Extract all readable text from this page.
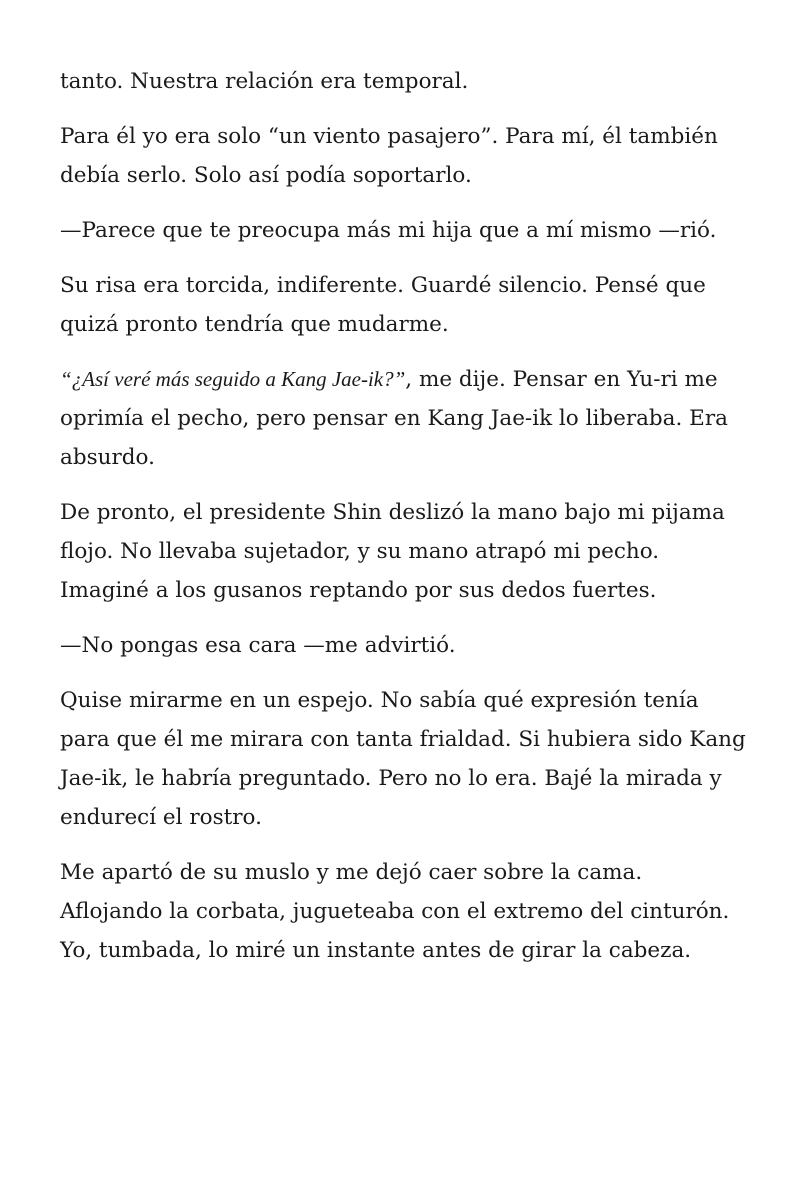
tanto. Nuestra relación era temporal.

Para él yo era solo “un viento pasajero”. Para mí, él también debía serlo. Solo así podía soportarlo.

—Parece que te preocupa más mi hija que a mí mismo —rió.

Su risa era torcida, indiferente. Guardé silencio. Pensé que quizá pronto tendría que mudarme.

“¿Así veré más seguido a Kang Jae-ik?”, me dije. Pensar en Yu-ri me oprimía el pecho, pero pensar en Kang Jae-ik lo liberaba. Era absurdo.

De pronto, el presidente Shin deslizó la mano bajo mi pijama flojo. No llevaba sujetador, y su mano atrapó mi pecho. Imaginé a los gusanos reptando por sus dedos fuertes.

—No pongas esa cara —me advirtió.

Quise mirarme en un espejo. No sabía qué expresión tenía para que él me mirara con tanta frialdad. Si hubiera sido Kang Jae-ik, le habría preguntado. Pero no lo era. Bajé la mirada y endurecí el rostro.

Me apartó de su muslo y me dejó caer sobre la cama. Aflojando la corbata, jugueteaba con el extremo del cinturón. Yo, tumbada, lo miré un instante antes de girar la cabeza.
